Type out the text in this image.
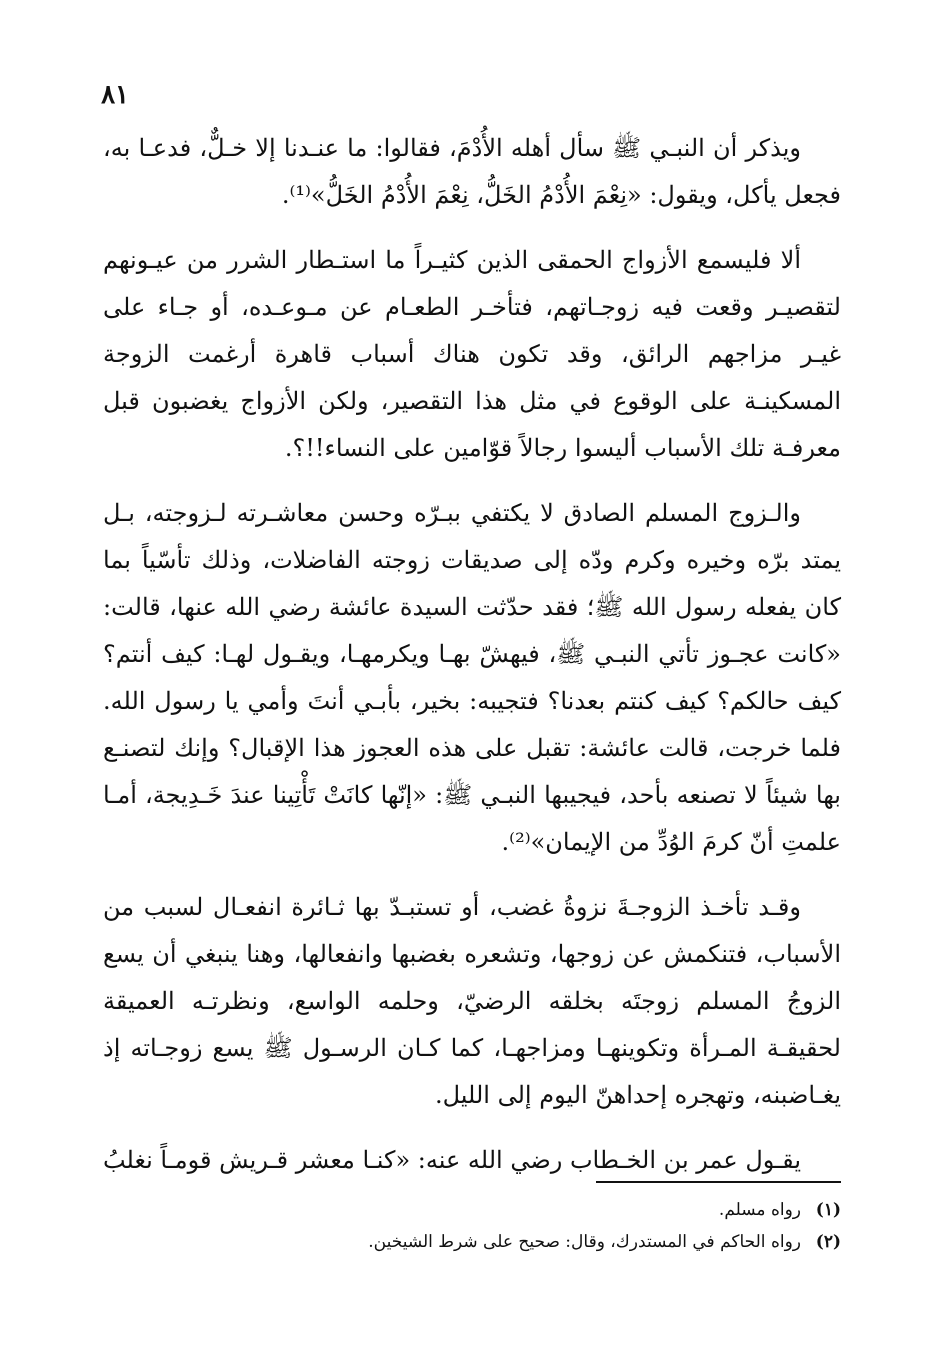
٨١

ويذكر أن النبـي ﷺ سأل أهله الأُدْمَ، فقالوا: ما عنـدنا إلا خـلٌّ، فدعـا به، فجعل يأكل، ويقول: «نِعْمَ الأُدْمُ الخَلُّ، نِعْمَ الأُدْمُ الخَلُّ»⁽¹⁾.

ألا فليسمع الأزواج الحمقى الذين كثيـراً ما استـطار الشرر من عيـونهم لتقصيـر وقعت فيه زوجـاتهم، فتأخـر الطعـام عن مـوعـده، أو جـاء على غيـر مزاجهم الرائق، وقد تكون هناك أسباب قاهرة أرغمت الزوجة المسكينـة على الوقوع في مثل هذا التقصير، ولكن الأزواج يغضبون قبل معرفـة تلك الأسباب أليسوا رجالاً قوّامين على النساء!!؟.

والـزوج المسلم الصادق لا يكتفي ببـرّه وحسن معاشـرته لـزوجته، بـل يمتد برّه وخيره وكرم ودّه إلى صديقات زوجته الفاضلات، وذلك تأسّياً بما كان يفعله رسول الله ﷺ؛ فقد حدّثت السيدة عائشة رضي الله عنها، قالت: «كانت عجـوز تأتي النبـي ﷺ، فيهشّ بهـا ويكرمهـا، ويقـول لهـا: كيف أنتم؟ كيف حالكم؟ كيف كنتم بعدنا؟ فتجيبه: بخير، بأبـي أنتَ وأمي يا رسول الله. فلما خرجت، قالت عائشة: تقبل على هذه العجوز هذا الإقبال؟ وإنك لتصنـع بها شيئاً لا تصنعه بأحد، فيجيبها النبـي ﷺ: «إنّها كانَتْ تَأْتِينا عندَ خَـدِيجة، أمـا علمتِ أنّ كرمَ الوُدِّ من الإيمان»⁽²⁾.

وقـد تأخـذ الزوجـةَ نزوةُ غضب، أو تستبـدّ بها ثـائرة انفعـال لسبب من الأسباب، فتنكمش عن زوجها، وتشعره بغضبها وانفعالها، وهنا ينبغي أن يسع الزوجُ المسلم زوجتَه بخلقه الرضيّ، وحلمه الواسع، ونظرتـه العميقة لحقيقـة المـرأة وتكوينهـا ومزاجهـا، كما كـان الرسـول ﷺ يسع زوجـاته إذ يغـاضبنه، وتهجره إحداهنّ اليوم إلى الليل.

يقـول عمر بن الخـطاب رضي الله عنه: «كنـا معشر قـريش قومـاً نغلبُ

(١)
رواه مسلم.
(٢)
رواه الحاكم في المستدرك، وقال: صحيح على شرط الشيخين.
